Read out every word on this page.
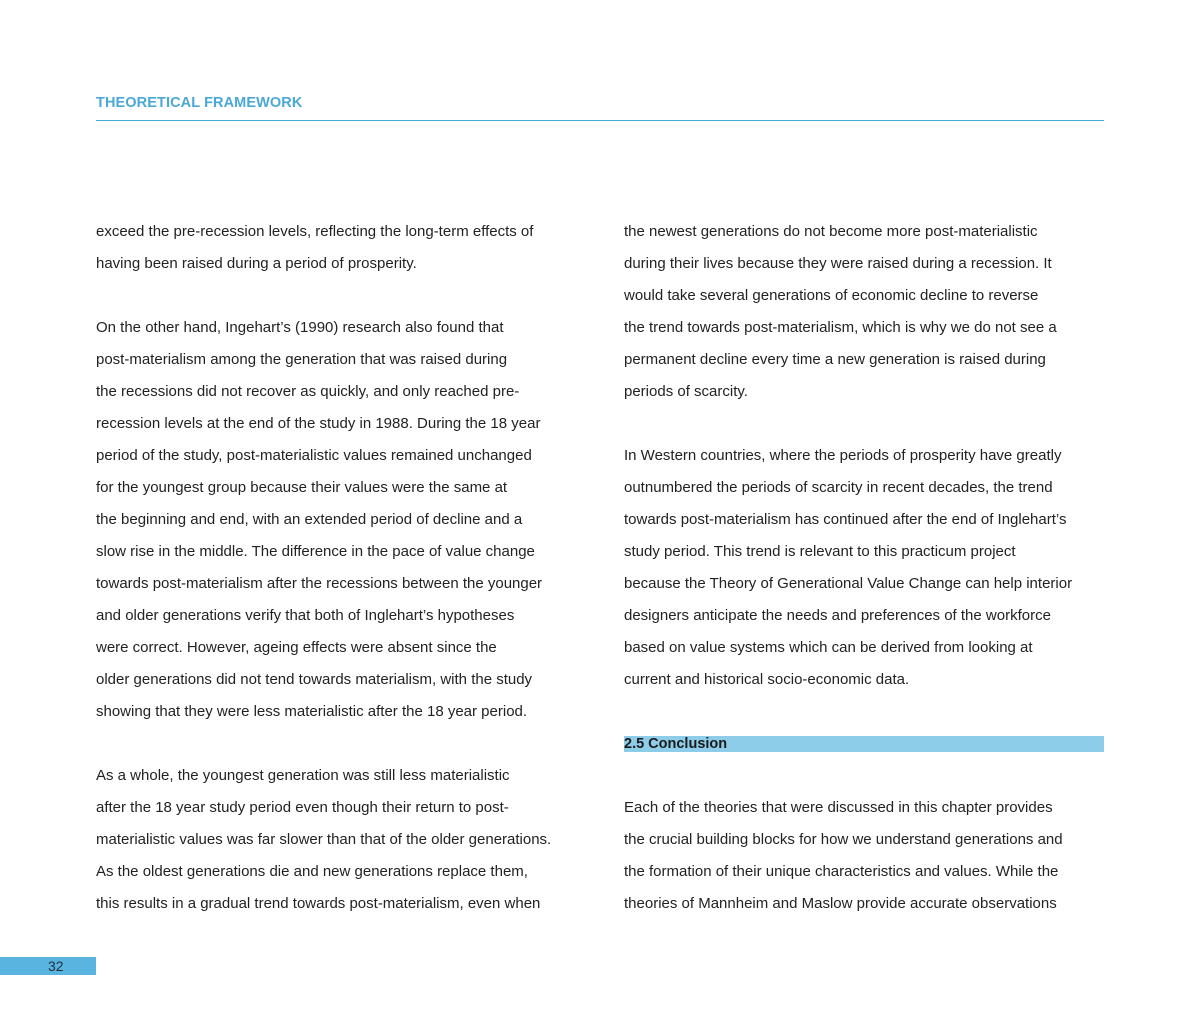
THEORETICAL FRAMEWORK
exceed the pre-recession levels, reflecting the long-term effects of
having been raised during a period of prosperity.
On the other hand, Ingehart’s (1990) research also found that
post-materialism among the generation that was raised during
the recessions did not recover as quickly, and only reached pre-
recession levels at the end of the study in 1988. During the 18 year
period of the study, post-materialistic values remained unchanged
for the youngest group because their values were the same at
the beginning and end, with an extended period of decline and a
slow rise in the middle. The difference in the pace of value change
towards post-materialism after the recessions between the younger
and older generations verify that both of Inglehart’s hypotheses
were correct. However, ageing effects were absent since the
older generations did not tend towards materialism, with the study
showing that they were less materialistic after the 18 year period.
As a whole, the youngest generation was still less materialistic
after the 18 year study period even though their return to post-
materialistic values was far slower than that of the older generations.
As the oldest generations die and new generations replace them,
this results in a gradual trend towards post-materialism, even when
the newest generations do not become more post-materialistic
during their lives because they were raised during a recession. It
would take several generations of economic decline to reverse
the trend towards post-materialism, which is why we do not see a
permanent decline every time a new generation is raised during
periods of scarcity.
In Western countries, where the periods of prosperity have greatly
outnumbered the periods of scarcity in recent decades, the trend
towards post-materialism has continued after the end of Inglehart’s
study period. This trend is relevant to this practicum project
because the Theory of Generational Value Change can help interior
designers anticipate the needs and preferences of the workforce
based on value systems which can be derived from looking at
current and historical socio-economic data.
2.5 Conclusion
Each of the theories that were discussed in this chapter provides
the crucial building blocks for how we understand generations and
the formation of their unique characteristics and values. While the
theories of Mannheim and Maslow provide accurate observations
32
